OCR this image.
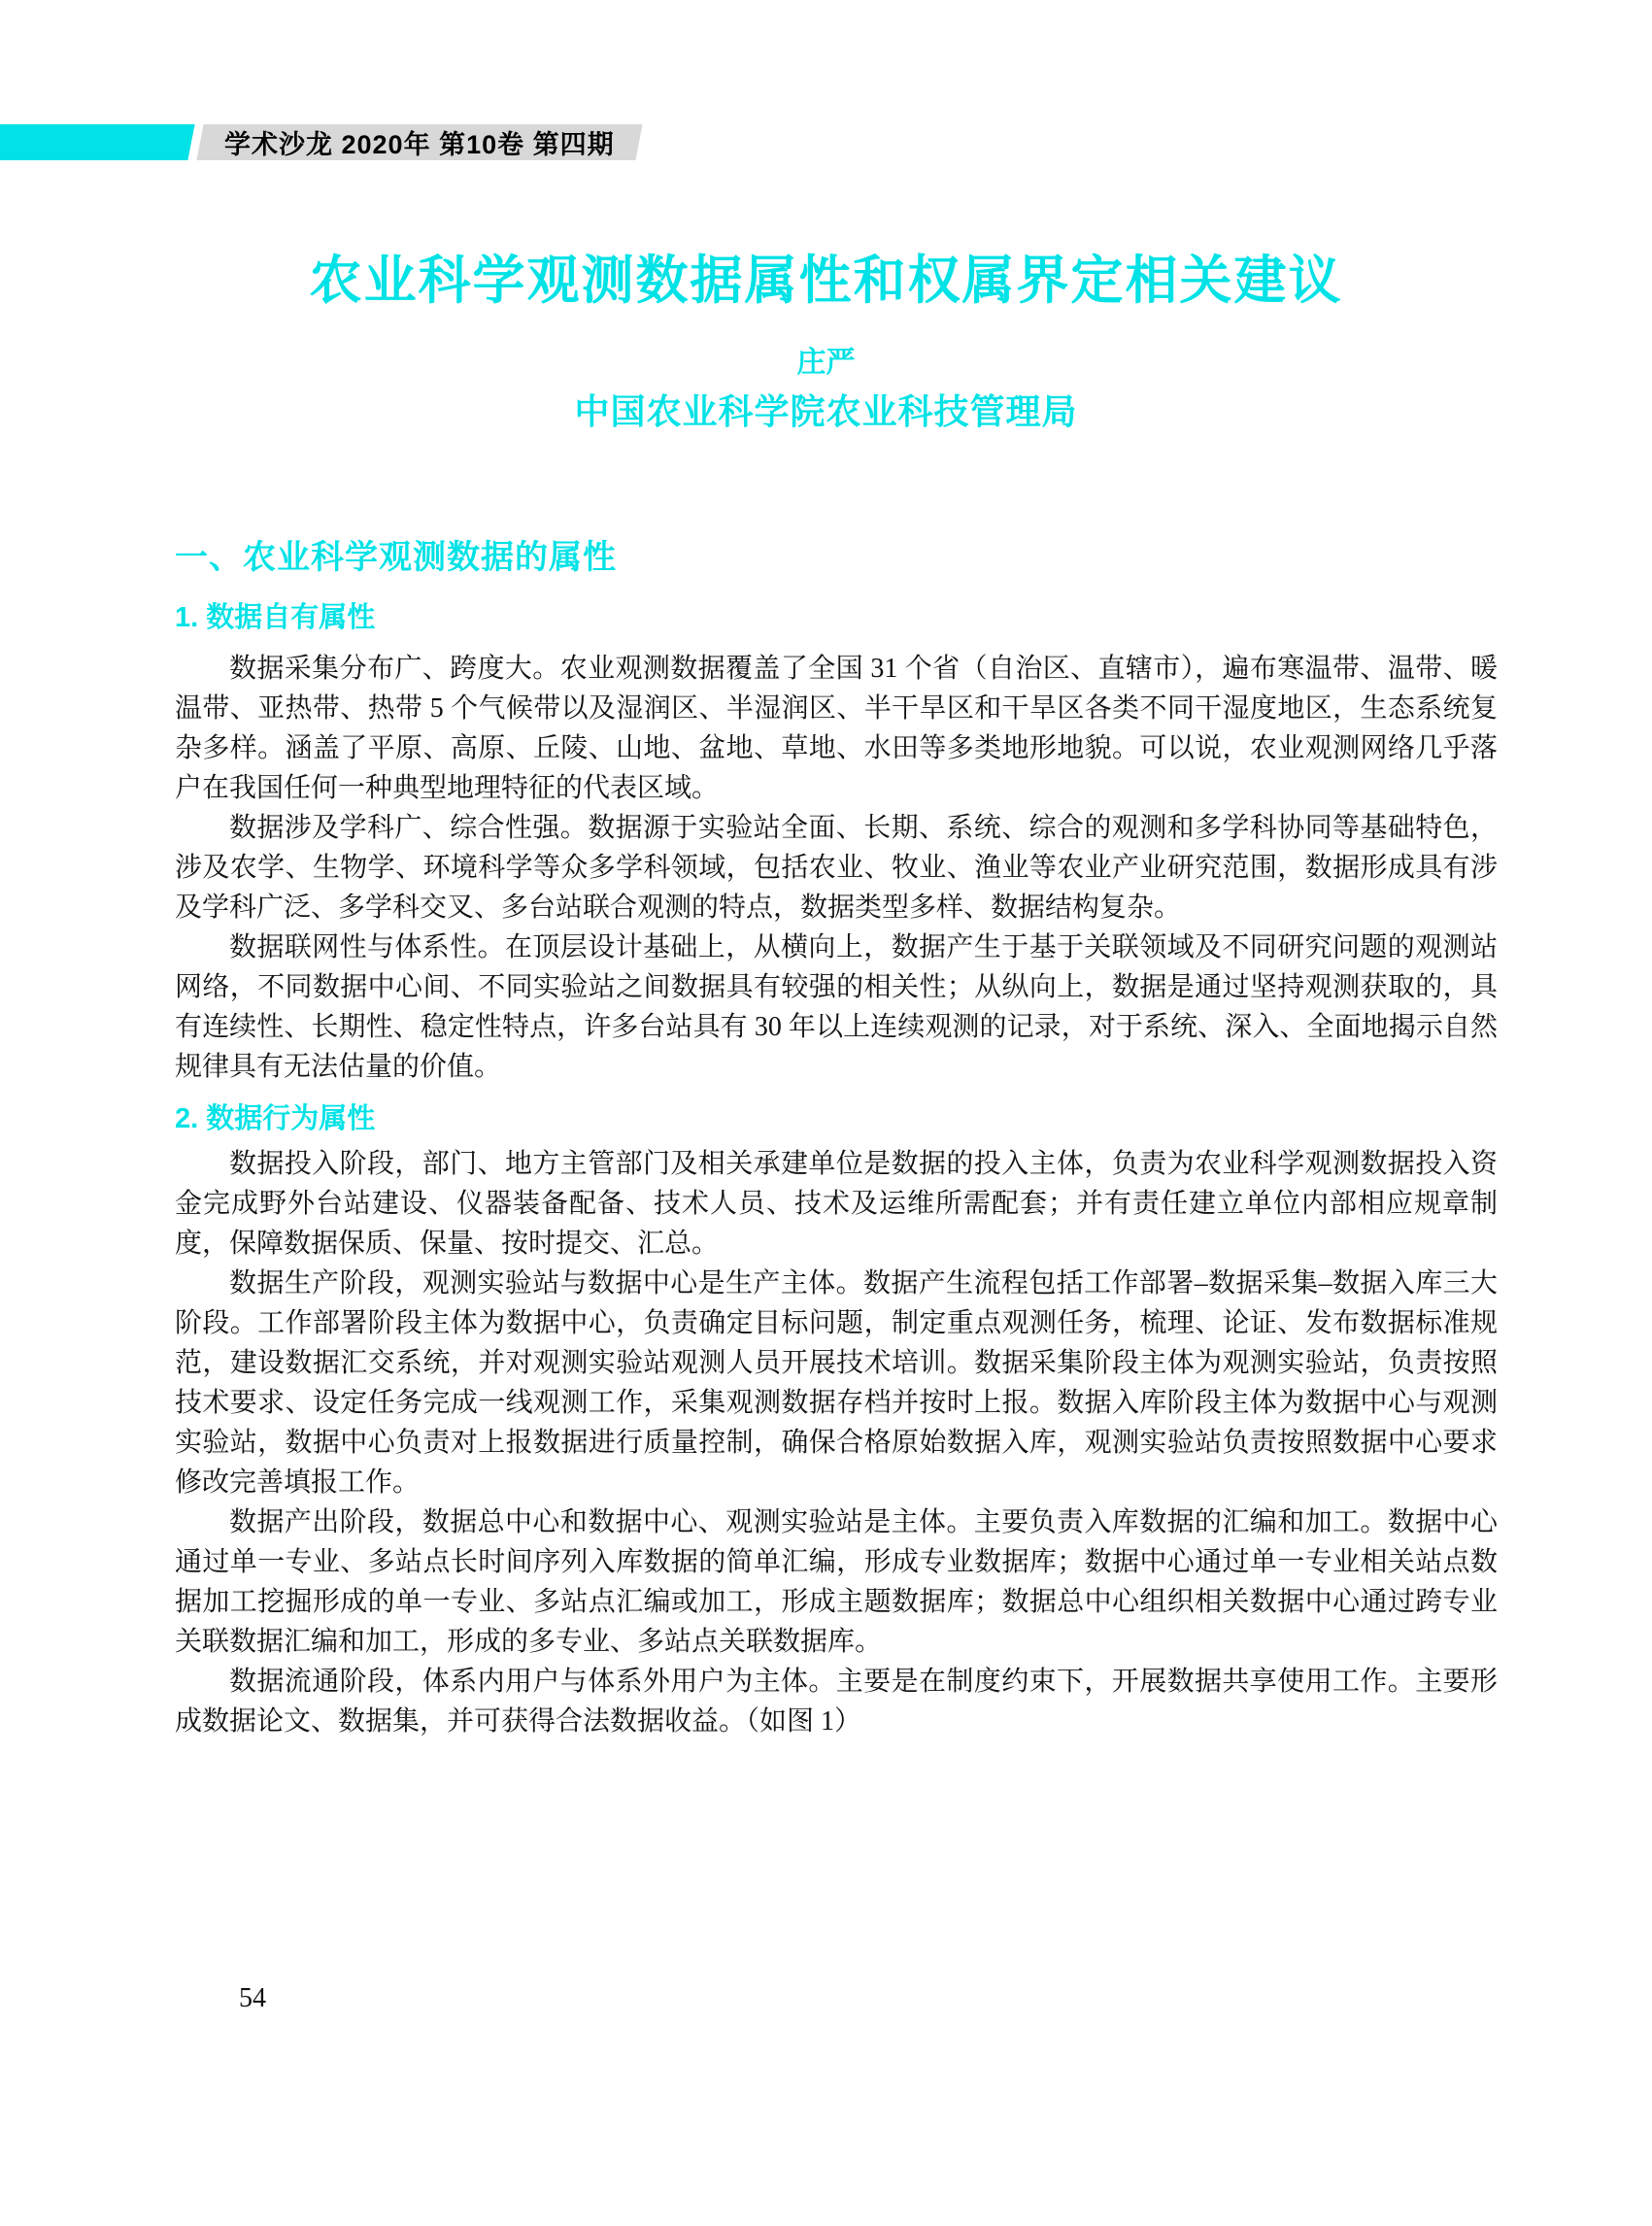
学术沙龙 2020年 第10卷 第四期
农业科学观测数据属性和权属界定相关建议
庄严
中国农业科学院农业科技管理局
一、农业科学观测数据的属性
1. 数据自有属性

数据采集分布广、跨度大。农业观测数据覆盖了全国 31 个省（自治区、直辖市），遍布寒温带、温带、暖温带、亚热带、热带 5 个气候带以及湿润区、半湿润区、半干旱区和干旱区各类不同干湿度地区，生态系统复杂多样。涵盖了平原、高原、丘陵、山地、盆地、草地、水田等多类地形地貌。可以说，农业观测网络几乎落户在我国任何一种典型地理特征的代表区域。

数据涉及学科广、综合性强。数据源于实验站全面、长期、系统、综合的观测和多学科协同等基础特色，涉及农学、生物学、环境科学等众多学科领域，包括农业、牧业、渔业等农业产业研究范围，数据形成具有涉及学科广泛、多学科交叉、多台站联合观测的特点，数据类型多样、数据结构复杂。

数据联网性与体系性。在顶层设计基础上，从横向上，数据产生于基于关联领域及不同研究问题的观测站网络，不同数据中心间、不同实验站之间数据具有较强的相关性；从纵向上，数据是通过坚持观测获取的，具有连续性、长期性、稳定性特点，许多台站具有 30 年以上连续观测的记录，对于系统、深入、全面地揭示自然规律具有无法估量的价值。

2. 数据行为属性

数据投入阶段，部门、地方主管部门及相关承建单位是数据的投入主体，负责为农业科学观测数据投入资金完成野外台站建设、仪器装备配备、技术人员、技术及运维所需配套；并有责任建立单位内部相应规章制度，保障数据保质、保量、按时提交、汇总。

数据生产阶段，观测实验站与数据中心是生产主体。数据产生流程包括工作部署–数据采集–数据入库三大阶段。工作部署阶段主体为数据中心，负责确定目标问题，制定重点观测任务，梳理、论证、发布数据标准规范，建设数据汇交系统，并对观测实验站观测人员开展技术培训。数据采集阶段主体为观测实验站，负责按照技术要求、设定任务完成一线观测工作，采集观测数据存档并按时上报。数据入库阶段主体为数据中心与观测实验站，数据中心负责对上报数据进行质量控制，确保合格原始数据入库，观测实验站负责按照数据中心要求修改完善填报工作。

数据产出阶段，数据总中心和数据中心、观测实验站是主体。主要负责入库数据的汇编和加工。数据中心通过单一专业、多站点长时间序列入库数据的简单汇编，形成专业数据库；数据中心通过单一专业相关站点数据加工挖掘形成的单一专业、多站点汇编或加工，形成主题数据库；数据总中心组织相关数据中心通过跨专业关联数据汇编和加工，形成的多专业、多站点关联数据库。

数据流通阶段，体系内用户与体系外用户为主体。主要是在制度约束下，开展数据共享使用工作。主要形成数据论文、数据集，并可获得合法数据收益。（如图 1）

54
